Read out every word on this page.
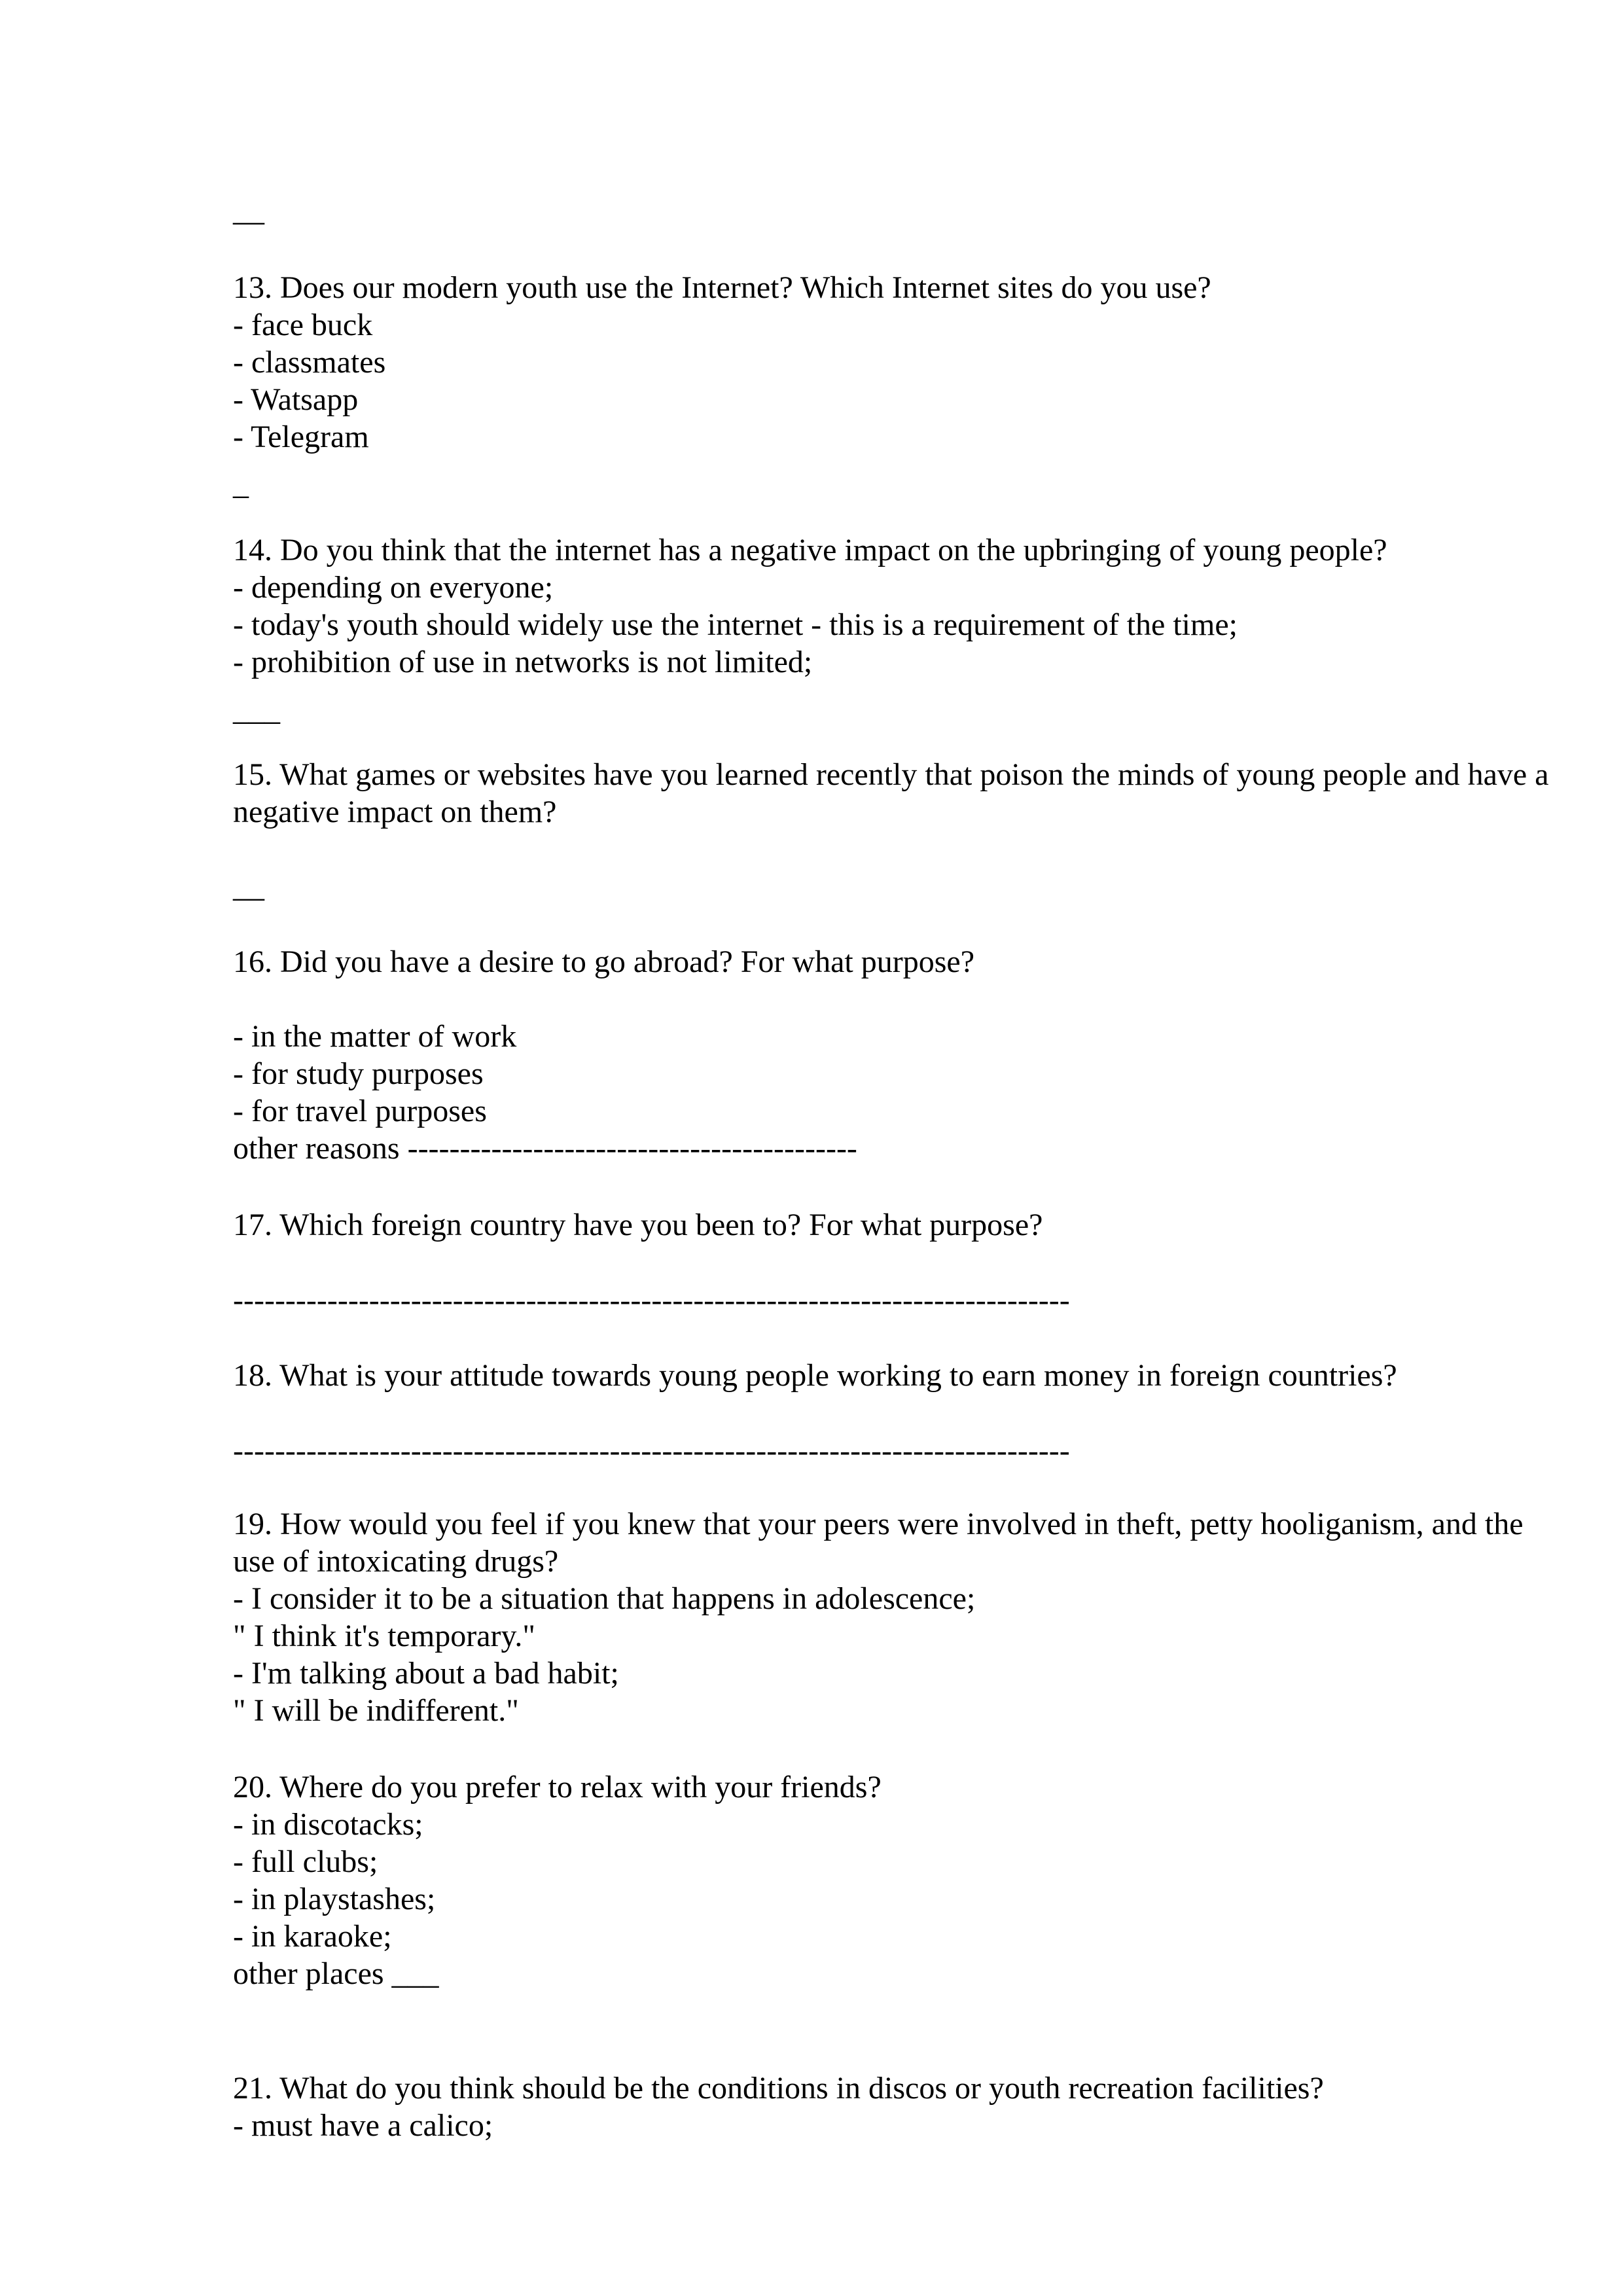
—
13. Does our modern youth use the Internet? Which Internet sites do you use?
- face buck
- classmates
- Watsapp
- Telegram
_
14. Do you think that the internet has a negative impact on the upbringing of young people?
- depending on everyone;
- today's youth should widely use the internet - this is a requirement of the time;
- prohibition of use in networks is not limited;
___
15. What games or websites have you learned recently that poison the minds of young people and have a
negative impact on them?
—
16. Did you have a desire to go abroad? For what purpose?
- in the matter of work
- for study purposes
- for travel purposes
other reasons -------------------------------------------
17. Which foreign country have you been to? For what purpose?
--------------------------------------------------------------------------------
18. What is your attitude towards young people working to earn money in foreign countries?
--------------------------------------------------------------------------------
19. How would you feel if you knew that your peers were involved in theft, petty hooliganism, and the
use of intoxicating drugs?
- I consider it to be a situation that happens in adolescence;
" I think it's temporary."
- I'm talking about a bad habit;
" I will be indifferent."
20. Where do you prefer to relax with your friends?
- in discotacks;
- full clubs;
- in playstashes;
- in karaoke;
other places ___
21. What do you think should be the conditions in discos or youth recreation facilities?
- must have a calico;
